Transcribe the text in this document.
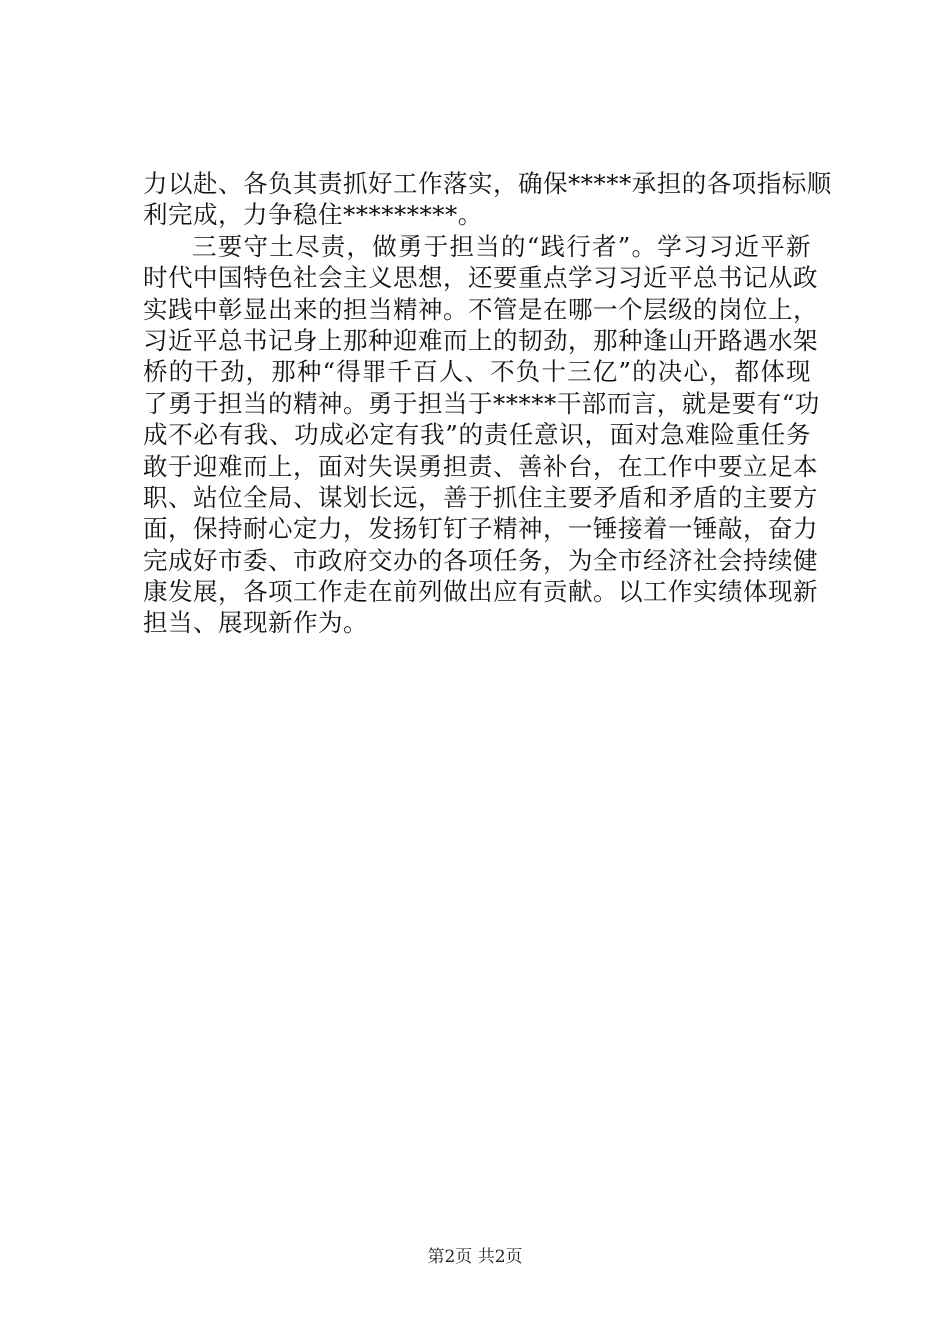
力以赴、各负其责抓好工作落实，确保*****承担的各项指标顺
利完成，力争稳住*********。
三要守土尽责，做勇于担当的“践行者”。学习习近平新
时代中国特色社会主义思想，还要重点学习习近平总书记从政
实践中彰显出来的担当精神。不管是在哪一个层级的岗位上，
习近平总书记身上那种迎难而上的韧劲，那种逢山开路遇水架
桥的干劲，那种“得罪千百人、不负十三亿”的决心，都体现
了勇于担当的精神。勇于担当于*****干部而言，就是要有“功
成不必有我、功成必定有我”的责任意识，面对急难险重任务
敢于迎难而上，面对失误勇担责、善补台，在工作中要立足本
职、站位全局、谋划长远，善于抓住主要矛盾和矛盾的主要方
面，保持耐心定力，发扬钉钉子精神，一锤接着一锤敲，奋力
完成好市委、市政府交办的各项任务，为全市经济社会持续健
康发展，各项工作走在前列做出应有贡献。以工作实绩体现新
担当、展现新作为。
第2页 共2页
